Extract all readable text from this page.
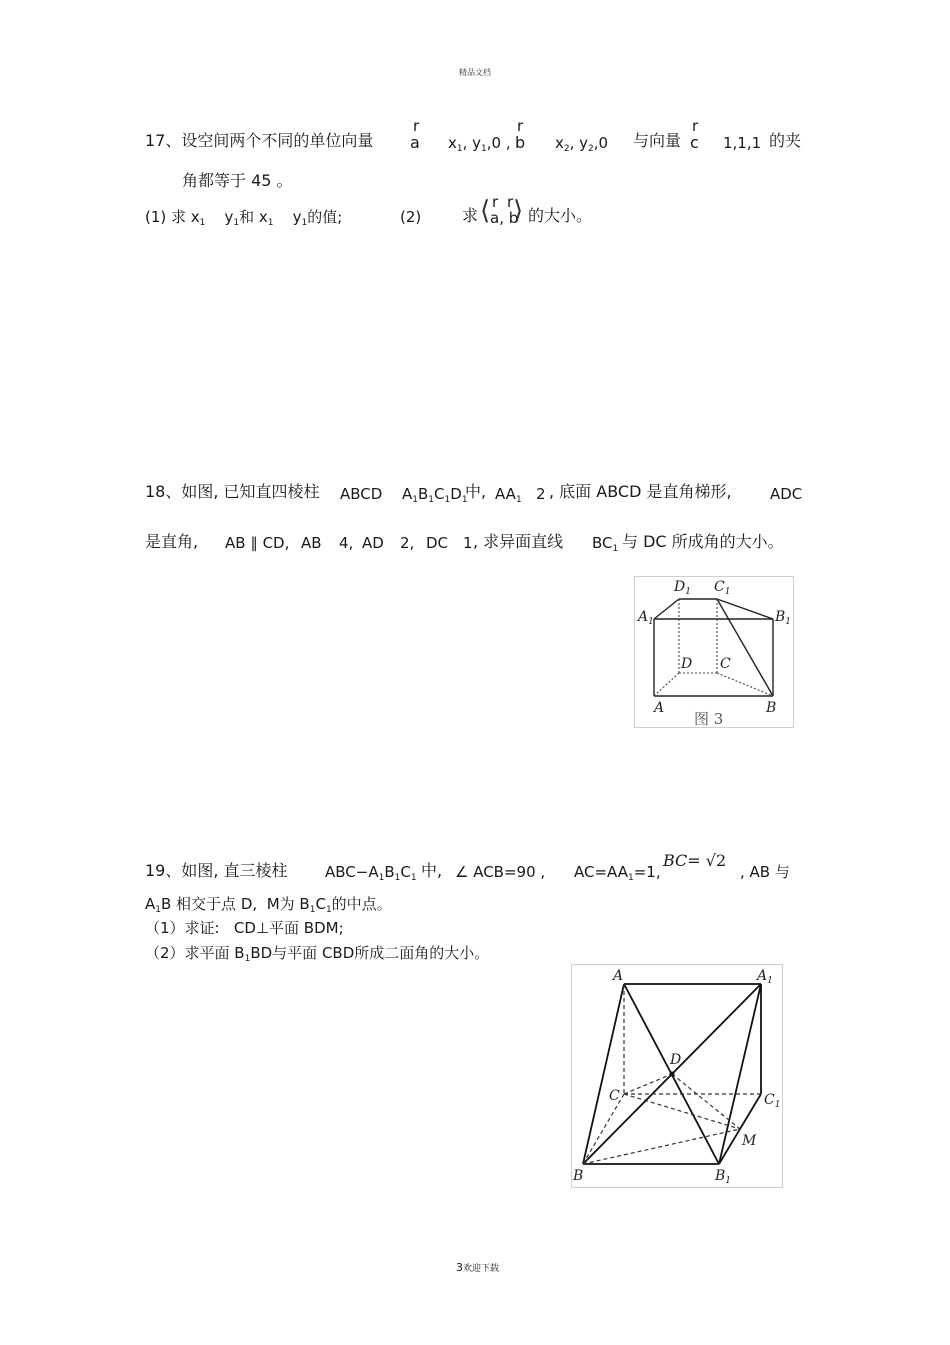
精品文档
17、设空间两个不同的单位向量
r
a $x_1$, $y_1,0$ ,
r
b $x_2$, $y_2,0$ 与向量
r
c 1,1,1 的夹
角都等于 45 。
(1) 求 $x_1$ $y_1$和 $x_1$ $y_1$的值;	(2)	求
r r
⟨ a, b
⟩ 的大小。
18、如图, 已知直四棱柱 ABCD $A_1B_1C_1D_1$
中, $AA_1$ 2 , 底面 ABCD 是直角梯形,	ADC
是直角, AB ∥ CD, AB 4, AD 2, DC 1 , 求异面直线 $BC_1$ 与 DC 所成角的大小。
$D_1$ $C_1$
$A_1$	$B_1$
D C
A	B
图 3
19、如图, 直三棱柱 $ABC-A_1B_1C_1$ 中, ∠ ACB=90 , $AC=AA_1=1$,
BC= √2
, AB 与
$A_1B$ 相交于点 D, M为 $B_1C_1$的中点。
（1）求证: CD⊥平面 BDM;
（2）求平面 $B_1BD$与平面 CBD所成二面角的大小。
A	$A_1$
D
C	$C_1$
M
B	$B_1$
3欢迎下载
